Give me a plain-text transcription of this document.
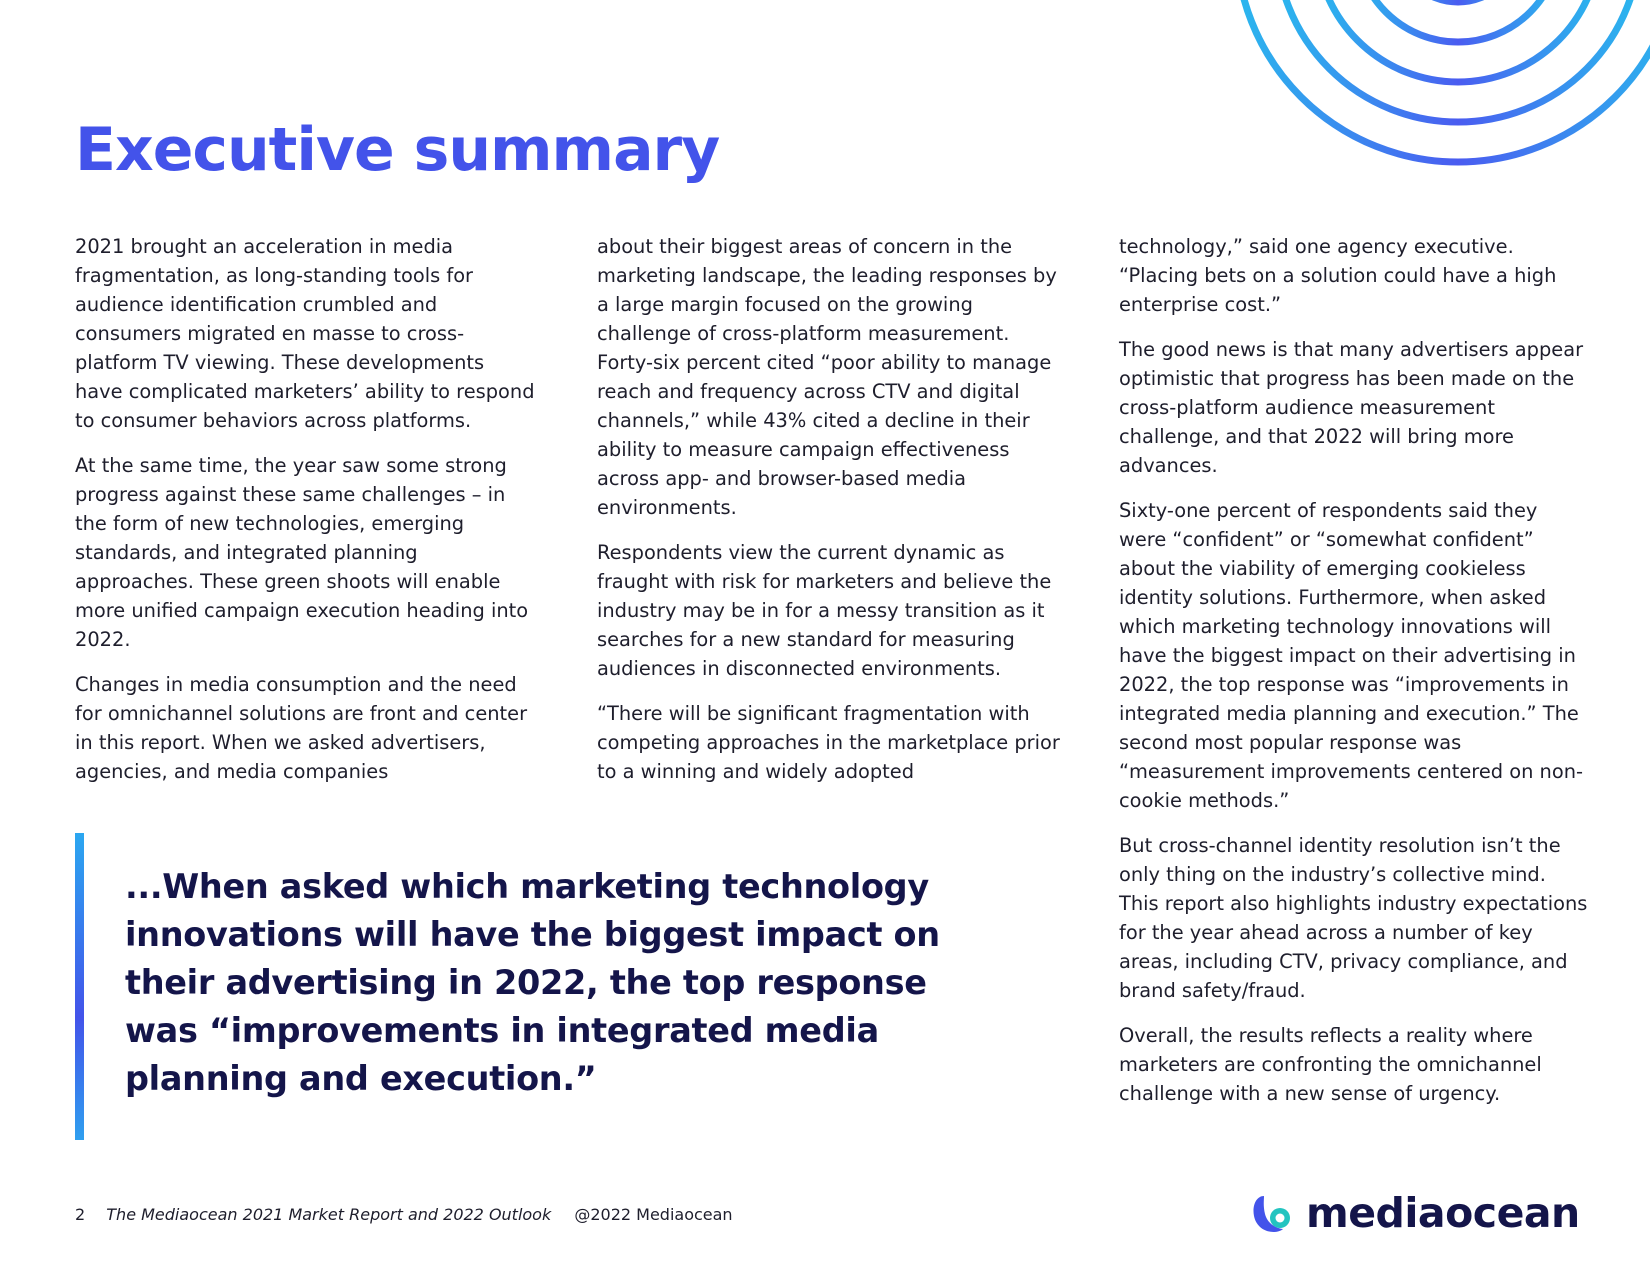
Executive summary

2021 brought an acceleration in media fragmentation, as long-standing tools for audience identification crumbled and consumers migrated en masse to cross-platform TV viewing. These developments have complicated marketers’ ability to respond to consumer behaviors across platforms.

At the same time, the year saw some strong progress against these same challenges – in the form of new technologies, emerging standards, and integrated planning approaches. These green shoots will enable more unified campaign execution heading into 2022.

Changes in media consumption and the need for omnichannel solutions are front and center in this report. When we asked advertisers, agencies, and media companies

about their biggest areas of concern in the marketing landscape, the leading responses by a large margin focused on the growing challenge of cross-platform measurement. Forty-six percent cited “poor ability to manage reach and frequency across CTV and digital channels,” while 43% cited a decline in their ability to measure campaign effectiveness across app- and browser-based media environments.

Respondents view the current dynamic as fraught with risk for marketers and believe the industry may be in for a messy transition as it searches for a new standard for measuring audiences in disconnected environments.

“There will be significant fragmentation with competing approaches in the marketplace prior to a winning and widely adopted

technology,” said one agency executive. “Placing bets on a solution could have a high enterprise cost.”

The good news is that many advertisers appear optimistic that progress has been made on the cross-platform audience measurement challenge, and that 2022 will bring more advances.

Sixty-one percent of respondents said they were “confident” or “somewhat confident” about the viability of emerging cookieless identity solutions. Furthermore, when asked which marketing technology innovations will have the biggest impact on their advertising in 2022, the top response was “improvements in integrated media planning and execution.” The second most popular response was “measurement improvements centered on non-cookie methods.”

But cross-channel identity resolution isn’t the only thing on the industry’s collective mind. This report also highlights industry expectations for the year ahead across a number of key areas, including CTV, privacy compliance, and brand safety/fraud.

Overall, the results reflects a reality where marketers are confronting the omnichannel challenge with a new sense of urgency.

...When asked which marketing technology innovations will have the biggest impact on their advertising in 2022, the top response was “improvements in integrated media planning and execution.”

2 The Mediaocean 2021 Market Report and 2022 Outlook @2022 Mediaocean	mediaocean
